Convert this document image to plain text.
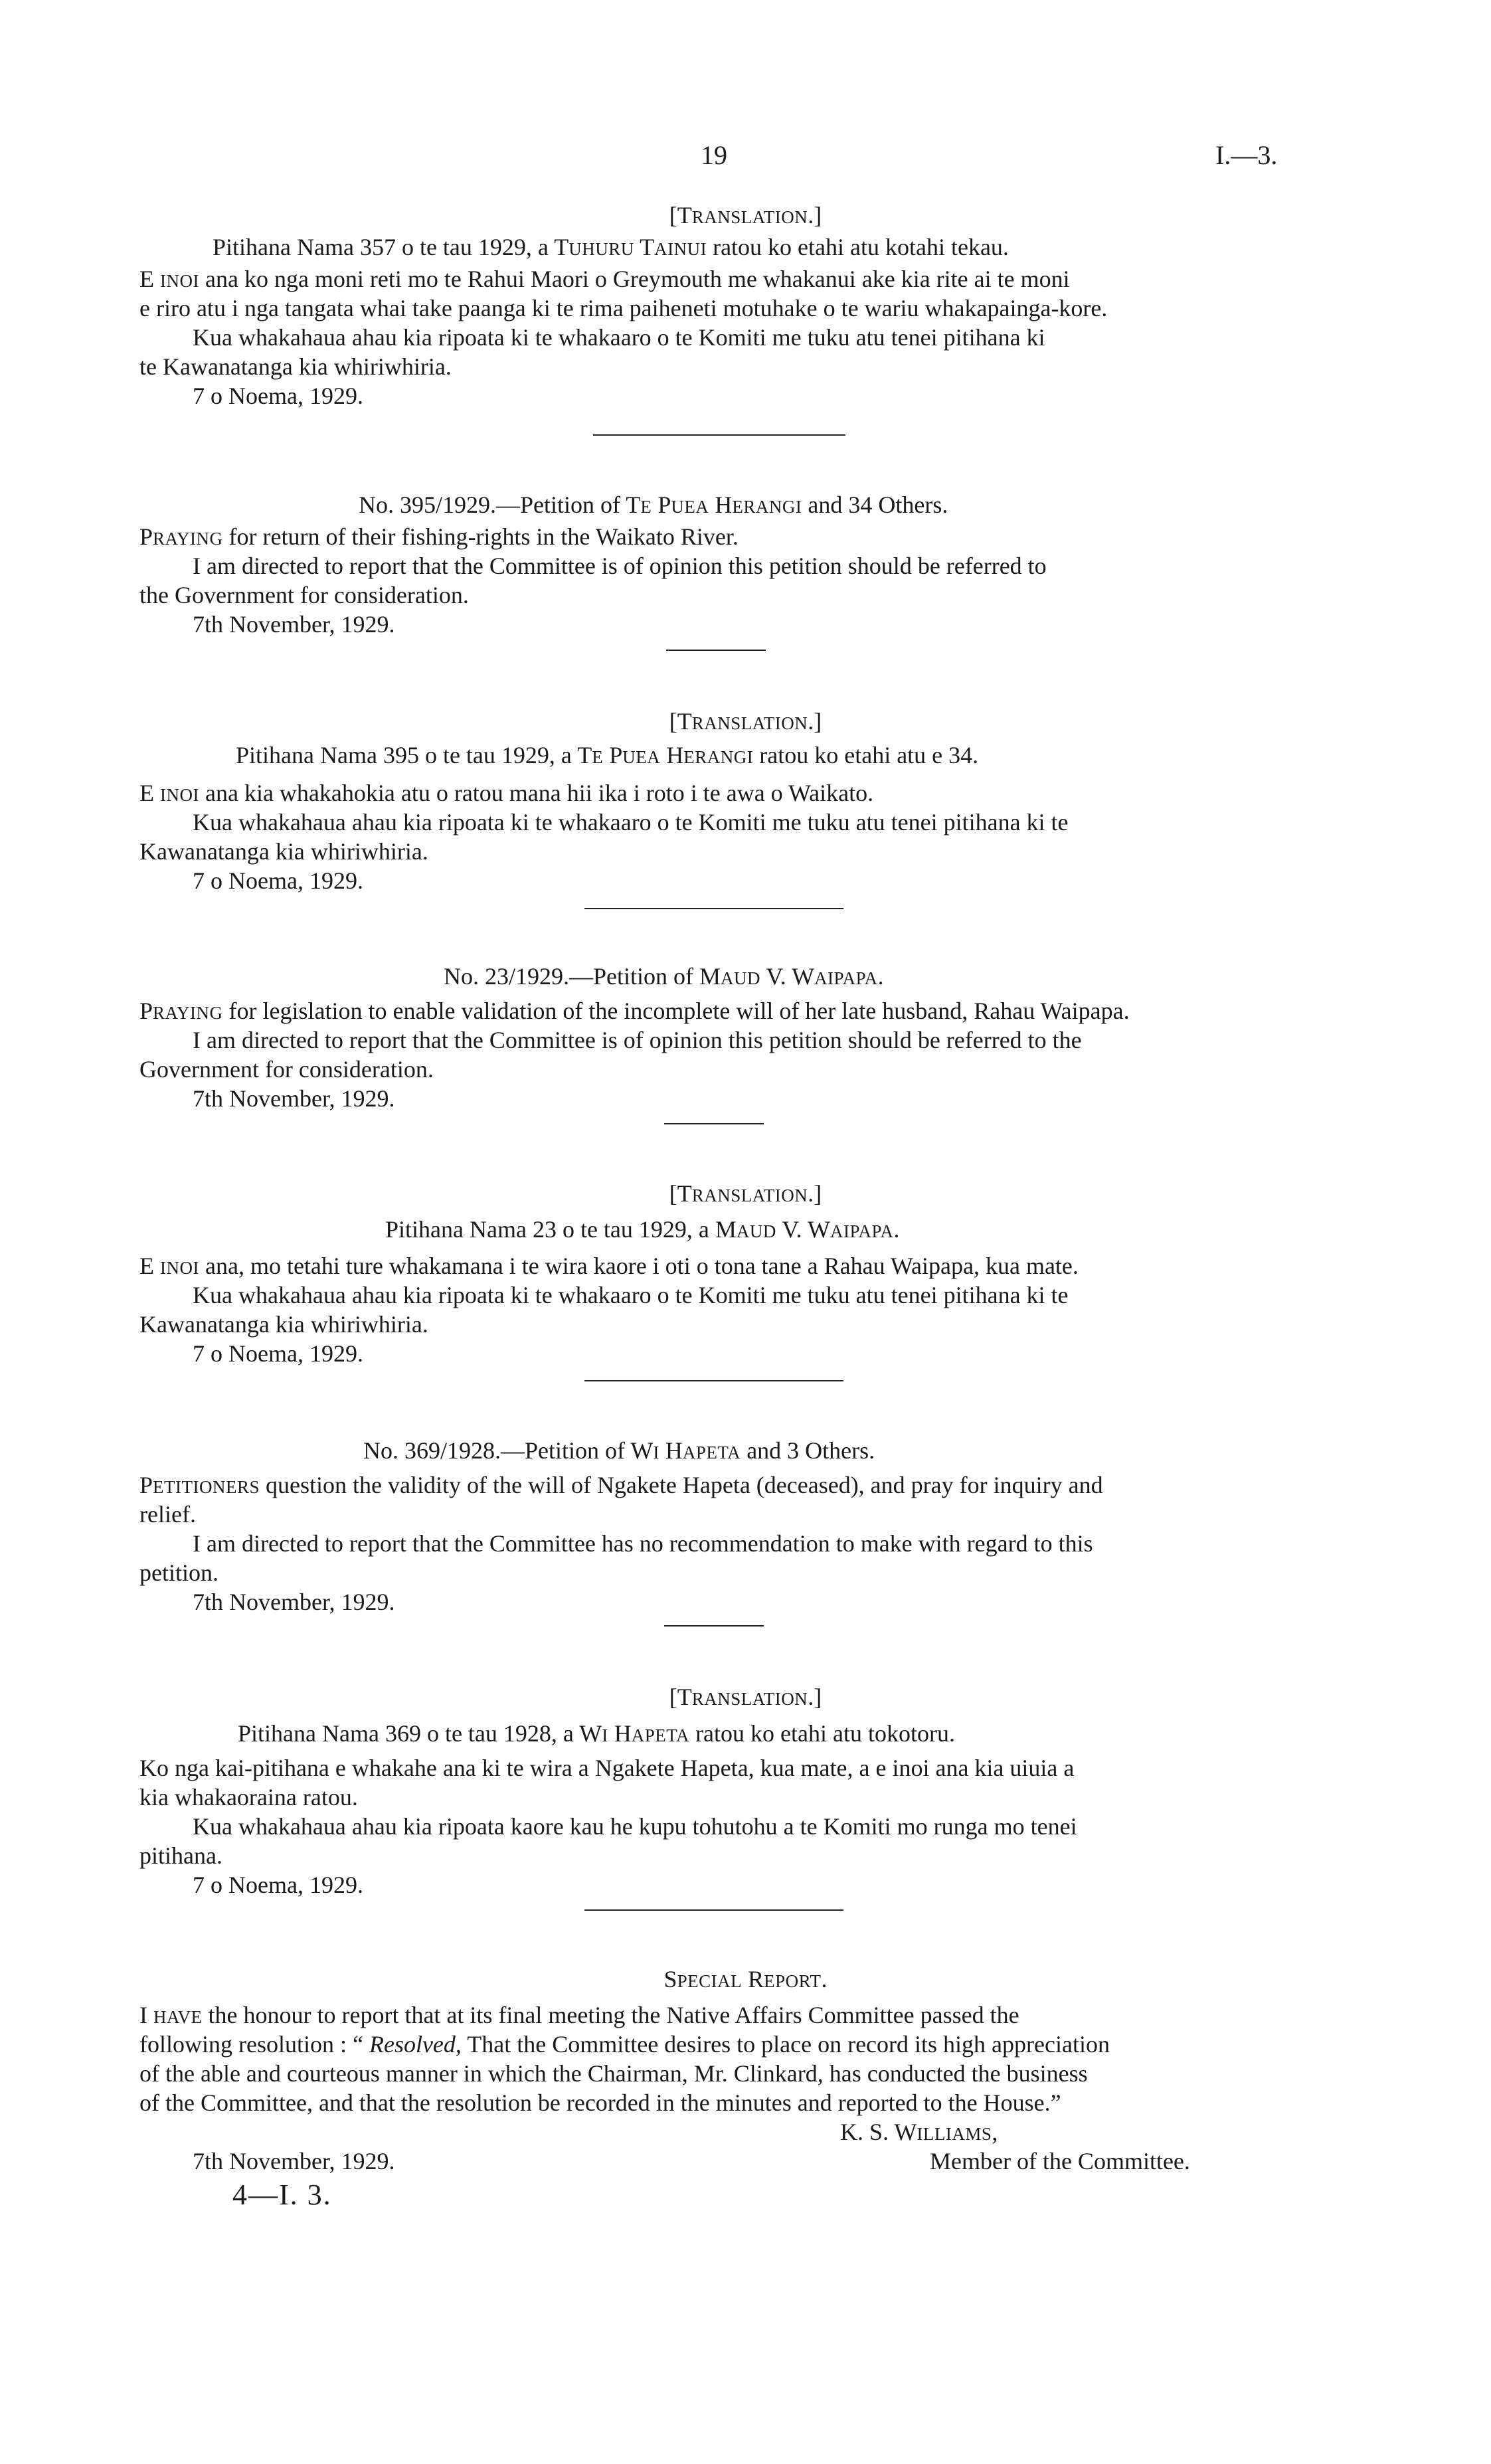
19	I.—3.
[TRANSLATION.]
Pitihana Nama 357 o te tau 1929, a TUHURU TAINUI ratou ko etahi atu kotahi tekau.
E INOI ana ko nga moni reti mo te Rahui Maori o Greymouth me whakanui ake kia rite ai te moni
e riro atu i nga tangata whai take paanga ki te rima paiheneti motuhake o te wariu whakapainga-kore.
Kua whakahaua ahau kia ripoata ki te whakaaro o te Komiti me tuku atu tenei pitihana ki
te Kawanatanga kia whiriwhiria.
7 o Noema, 1929.
No. 395/1929.—Petition of TE PUEA HERANGI and 34 Others.
PRAYING for return of their fishing-rights in the Waikato River.
I am directed to report that the Committee is of opinion this petition should be referred to
the Government for consideration.
7th November, 1929.
[TRANSLATION.]
Pitihana Nama 395 o te tau 1929, a TE PUEA HERANGI ratou ko etahi atu e 34.
E INOI ana kia whakahokia atu o ratou mana hii ika i roto i te awa o Waikato.
Kua whakahaua ahau kia ripoata ki te whakaaro o te Komiti me tuku atu tenei pitihana ki te
Kawanatanga kia whiriwhiria.
7 o Noema, 1929.
No. 23/1929.—Petition of MAUD V. WAIPAPA.
PRAYING for legislation to enable validation of the incomplete will of her late husband, Rahau Waipapa.
I am directed to report that the Committee is of opinion this petition should be referred to the
Government for consideration.
7th November, 1929.
[TRANSLATION.]
Pitihana Nama 23 o te tau 1929, a MAUD V. WAIPAPA.
E INOI ana, mo tetahi ture whakamana i te wira kaore i oti o tona tane a Rahau Waipapa, kua mate.
Kua whakahaua ahau kia ripoata ki te whakaaro o te Komiti me tuku atu tenei pitihana ki te
Kawanatanga kia whiriwhiria.
7 o Noema, 1929.
No. 369/1928.—Petition of WI HAPETA and 3 Others.
PETITIONERS question the validity of the will of Ngakete Hapeta (deceased), and pray for inquiry and
relief.
I am directed to report that the Committee has no recommendation to make with regard to this
petition.
7th November, 1929.
[TRANSLATION.]
Pitihana Nama 369 o te tau 1928, a WI HAPETA ratou ko etahi atu tokotoru.
Ko nga kai-pitihana e whakahe ana ki te wira a Ngakete Hapeta, kua mate, a e inoi ana kia uiuia a
kia whakaoraina ratou.
Kua whakahaua ahau kia ripoata kaore kau he kupu tohutohu a te Komiti mo runga mo tenei
pitihana.
7 o Noema, 1929.
SPECIAL REPORT.
I HAVE the honour to report that at its final meeting the Native Affairs Committee passed the
following resolution : “ Resolved, That the Committee desires to place on record its high appreciation
of the able and courteous manner in which the Chairman, Mr. Clinkard, has conducted the business
of the Committee, and that the resolution be recorded in the minutes and reported to the House.”
K. S. WILLIAMS,
7th November, 1929.	Member of the Committee.
4—I. 3.
